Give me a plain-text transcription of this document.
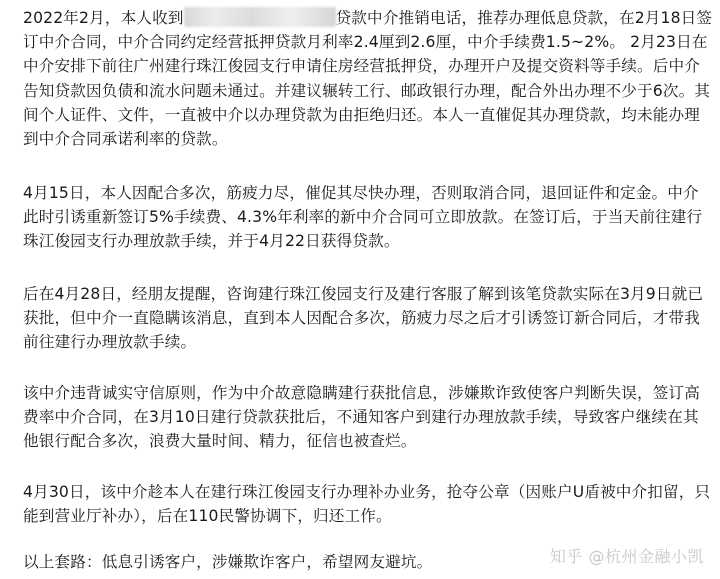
2022年2月，本人收到	贷款中介推销电话，推荐办理低息贷款，在2月18日签订中介合同，中介合同约定经营抵押贷款月利率2.4厘到2.6厘，中介手续费1.5~2%。 2月23日在中介安排下前往广州建行珠江俊园支行申请住房经营抵押贷，办理开户及提交资料等手续。后中介告知贷款因负债和流水问题未通过。并建议辗转工行、邮政银行办理，配合外出办理不少于6次。其间个人证件、文件，一直被中介以办理贷款为由拒绝归还。本人一直催促其办理贷款，均未能办理到中介合同承诺利率的贷款。

4月15日，本人因配合多次，筋疲力尽，催促其尽快办理，否则取消合同，退回证件和定金。中介此时引诱重新签订5%手续费、4.3%年利率的新中介合同可立即放款。在签订后，于当天前往建行珠江俊园支行办理放款手续，并于4月22日获得贷款。

后在4月28日，经朋友提醒，咨询建行珠江俊园支行及建行客服了解到该笔贷款实际在3月9日就已获批，但中介一直隐瞒该消息，直到本人因配合多次，筋疲力尽之后才引诱签订新合同后，才带我前往建行办理放款手续。

该中介违背诚实守信原则，作为中介故意隐瞒建行获批信息，涉嫌欺诈致使客户判断失误，签订高费率中介合同，在3月10日建行贷款获批后，不通知客户到建行办理放款手续，导致客户继续在其他银行配合多次，浪费大量时间、精力，征信也被查烂。

4月30日，该中介趁本人在建行珠江俊园支行办理补办业务，抢夺公章（因账户U盾被中介扣留，只能到营业厅补办），后在110民警协调下，归还工作。

以上套路：低息引诱客户，涉嫌欺诈客户，希望网友避坑。	知乎 @杭州金融小凯
